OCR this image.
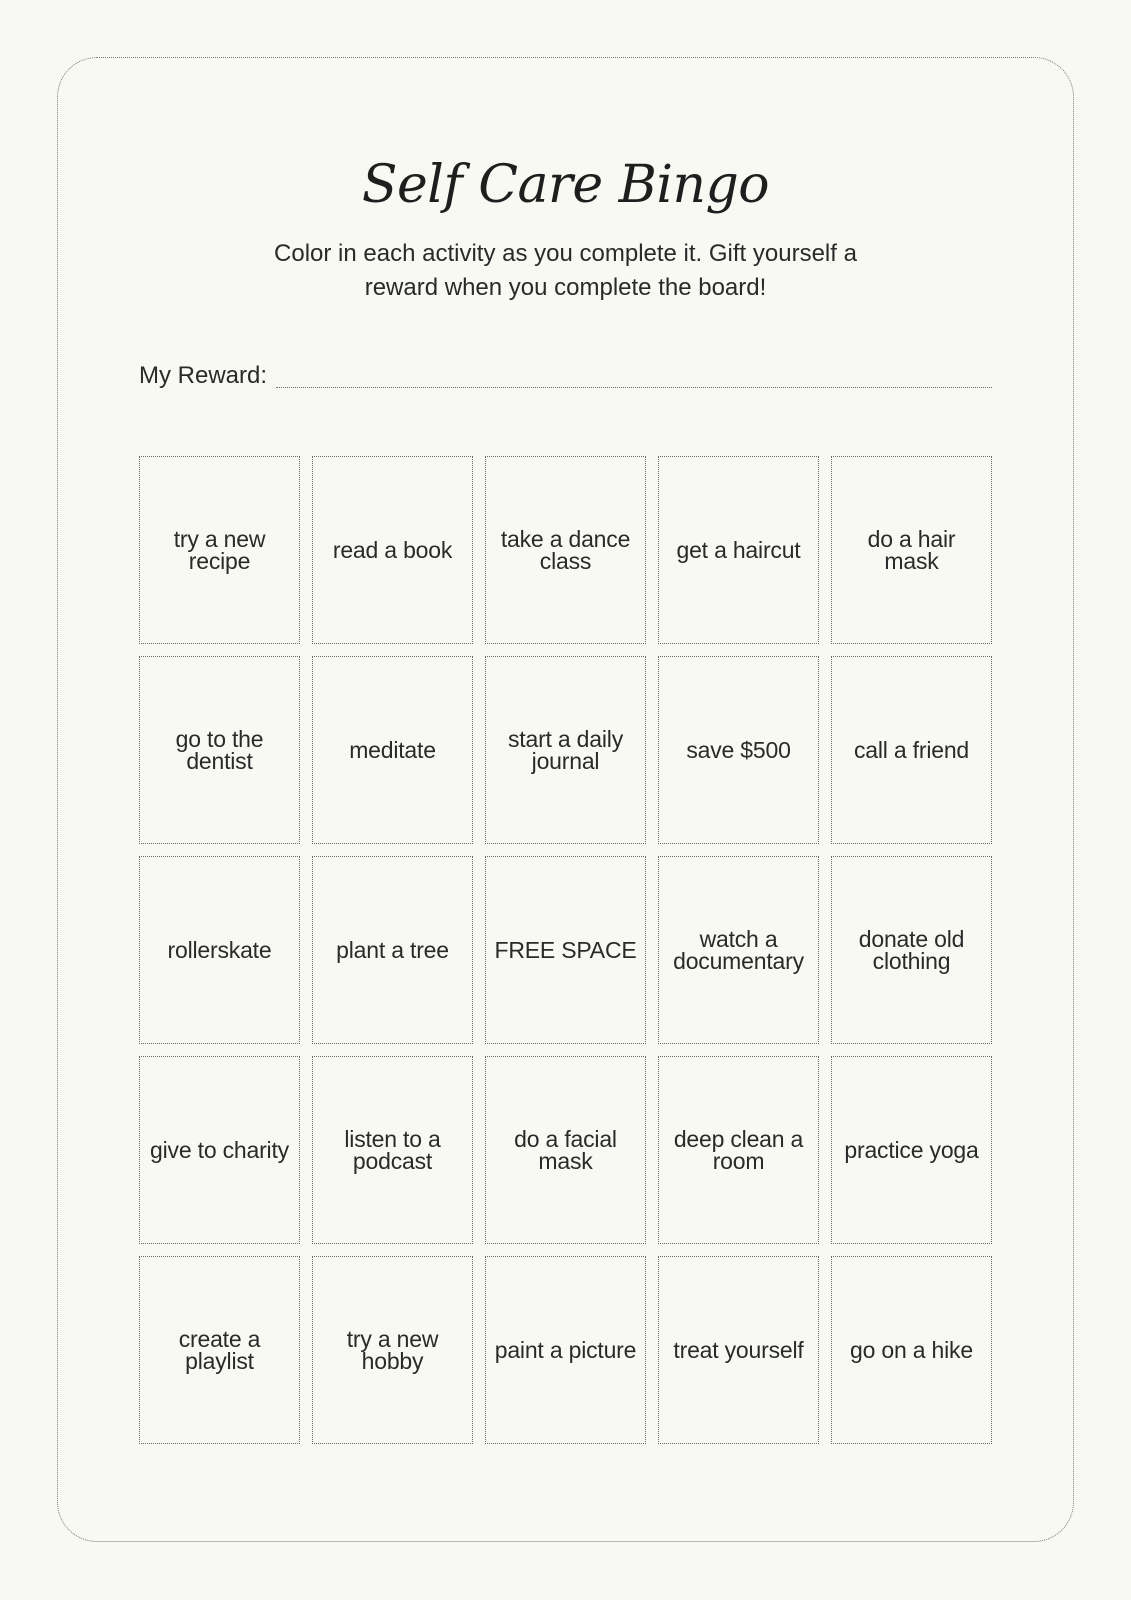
Self Care Bingo

Color in each activity as you complete it. Gift yourself a reward when you complete the board!

My Reward:
try a new recipe	read a book take a dance class	get a haircut	do a hair mask
go to the dentist	meditate	start a daily journal	save $500	call a friend
rollerskate	plant a tree FREE SPACE	watch a documentary
donate old clothing
give to charity	listen to a podcast
do a facial mask
deep clean a room	practice yoga
create a playlist
try a new hobby	paint a picture treat yourself go on a hike
